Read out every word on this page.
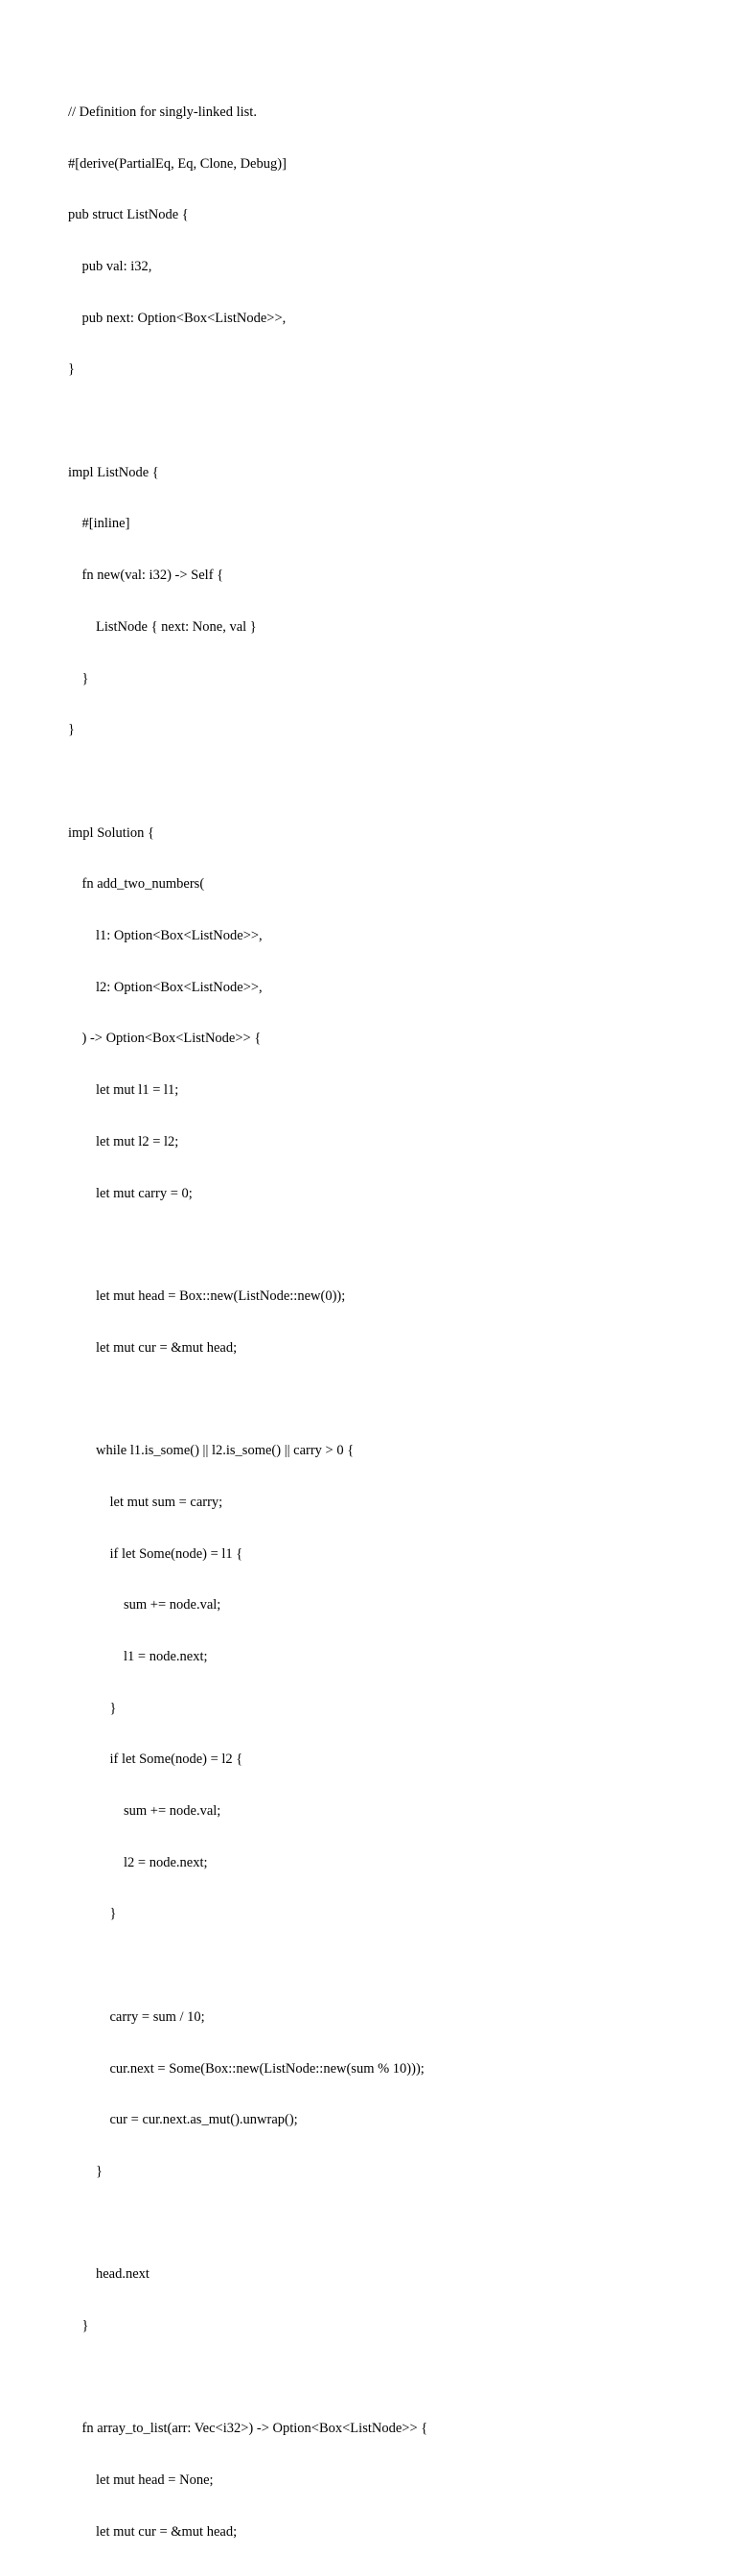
// Definition for singly-linked list.

#[derive(PartialEq, Eq, Clone, Debug)]

pub struct ListNode {

pub val: i32,

pub next: Option<Box<ListNode>>,

}

impl ListNode {

#[inline]

fn new(val: i32) -> Self {

ListNode { next: None, val }

}

}

impl Solution {

fn add_two_numbers(

l1: Option<Box<ListNode>>,

l2: Option<Box<ListNode>>,

) -> Option<Box<ListNode>> {

let mut l1 = l1;

let mut l2 = l2;

let mut carry = 0;

let mut head = Box::new(ListNode::new(0));

let mut cur = &mut head;

while l1.is_some() || l2.is_some() || carry > 0 {

let mut sum = carry;

if let Some(node) = l1 {

sum += node.val;

l1 = node.next;

}

if let Some(node) = l2 {

sum += node.val;

l2 = node.next;

}

carry = sum / 10;

cur.next = Some(Box::new(ListNode::new(sum % 10)));

cur = cur.next.as_mut().unwrap();

}

head.next

}

fn array_to_list(arr: Vec<i32>) -> Option<Box<ListNode>> {

let mut head = None;

let mut cur = &mut head;
